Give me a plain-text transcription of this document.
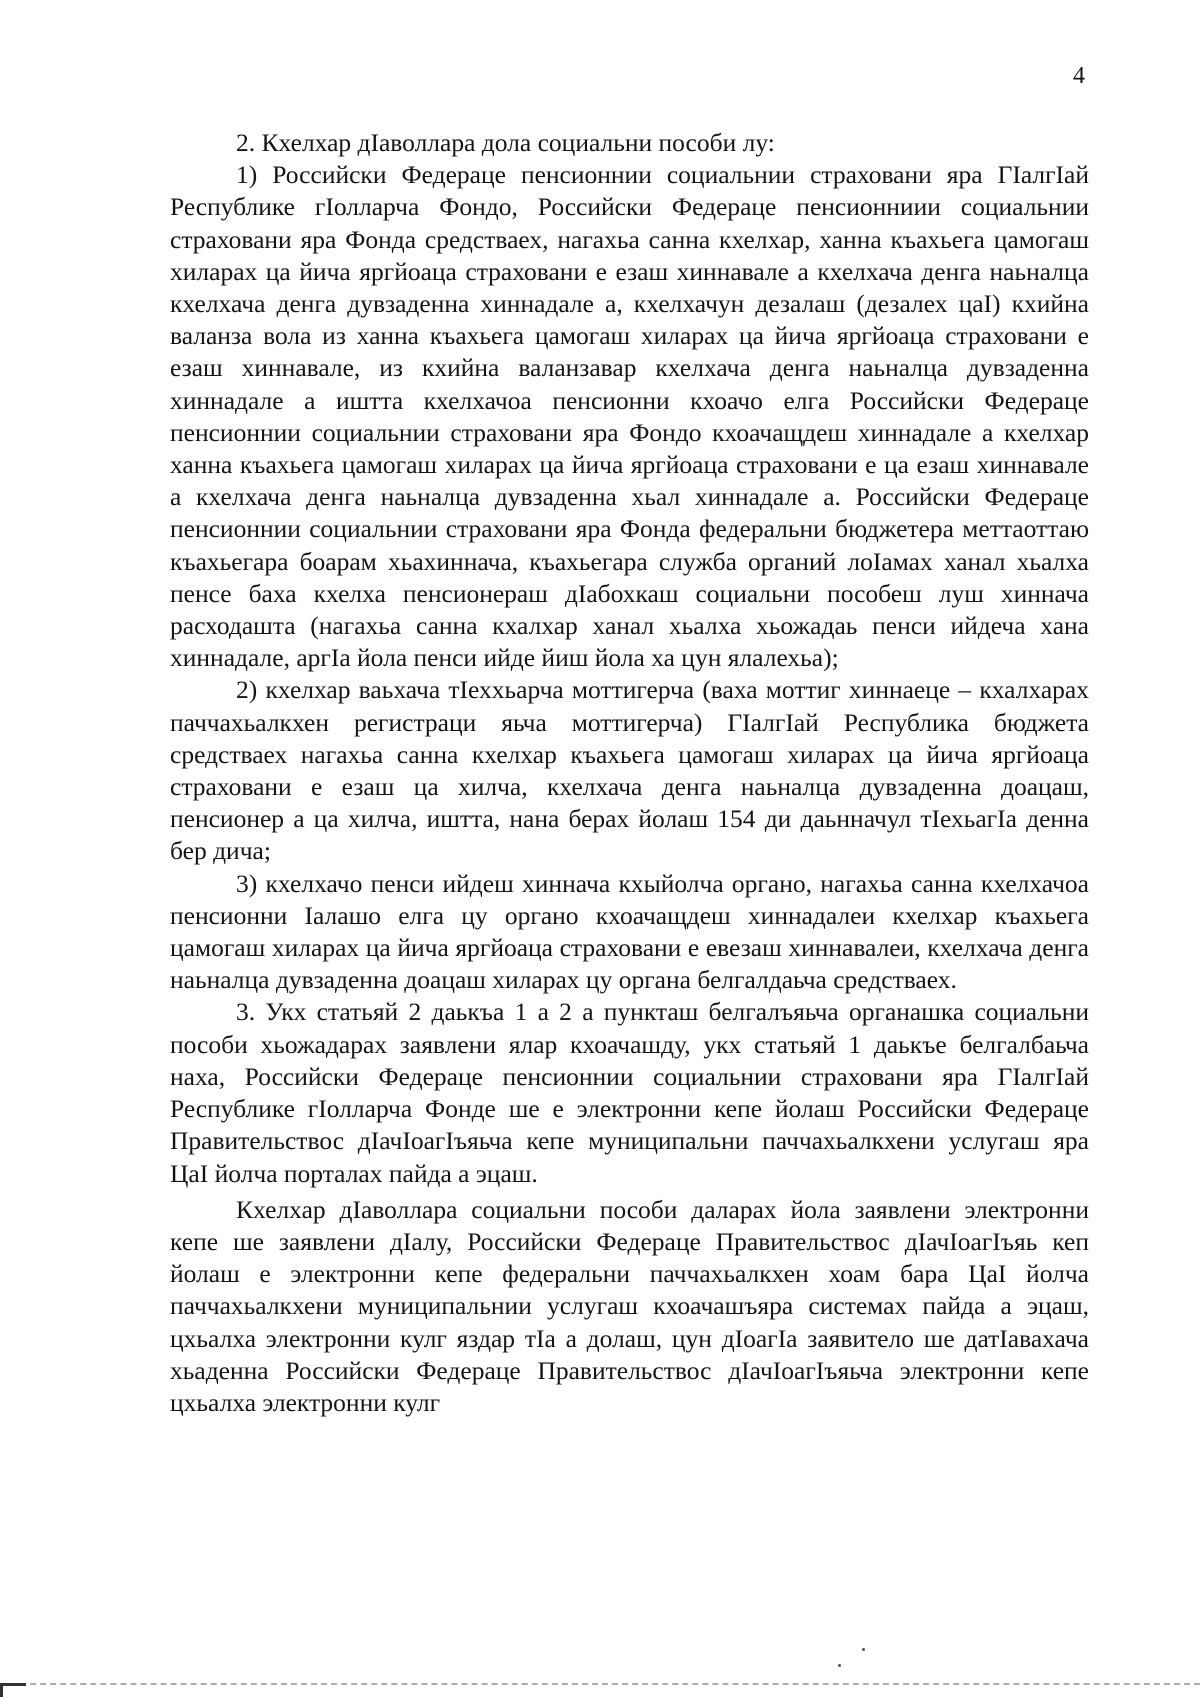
4

2. Кхелхар дIаволлара дола социальни пособи лу:

1) Российски Федераце пенсионнии социальнии страховани яра ГIалгIай Республике гIолларча Фондо, Российски Федераце пенсионниии социальнии страховани яра Фонда средстваех, нагахьа санна кхелхар, ханна къахьега цамогаш хиларах ца йича яргйоаца страховани е езаш хиннавале а кхелхача денга наьналца кхелхача денга дувзаденна хиннадале а, кхелхачун дезалаш (дезалех цаI) кхийна валанза вола из ханна къахьега цамогаш хиларах ца йича яргйоаца страховани е езаш хиннавале, из кхийна валанзавар кхелхача денга наьналца дувзаденна хиннадале а иштта кхелхачоа пенсионни кхоачо елга Российски Федераце пенсионнии социальнии страховани яра Фондо кхоачащдеш хиннадале а кхелхар ханна къахьега цамогаш хиларах ца йича яргйоаца страховани е ца езаш хиннавале а кхелхача денга наьналца дувзаденна хьал хиннадале а. Российски Федераце пенсионнии социальнии страховани яра Фонда федеральни бюджетера меттаоттаю къахьегара боарам хьахиннача, къахьегара служба органий лоIамах ханал хьалха пенсе баха кхелха пенсионераш дIабохкаш социальни пособеш луш хиннача расходашта (нагахьа санна кхалхар ханал хьалха хьожадаь пенси ийдеча хана хиннадале, аргIа йола пенси ийде йиш йола ха цун ялалехьа);

2) кхелхар ваьхача тIеххьарча моттигерча (ваха моттиг хиннаеце – кхалхарах паччахьалкхен регистраци яьча моттигерча) ГIалгIай Республика бюджета средстваех нагахьа санна кхелхар къахьега цамогаш хиларах ца йича яргйоаца страховани е езаш ца хилча, кхелхача денга наьналца дувзаденна доацаш, пенсионер а ца хилча, иштта, нана берах йолаш 154 ди даьнначул тIехьагIа денна бер дича;

3) кхелхачо пенси ийдеш хиннача кхыйолча органо, нагахьа санна кхелхачоа пенсионни Iалашо елга цу органо кхоачащдеш хиннадалеи кхелхар къахьега цамогаш хиларах ца йича яргйоаца страховани е евезаш хиннавалеи, кхелхача денга наьналца дувзаденна доацаш хиларах цу органа белгалдаьча средстваех.

3. Укх статьяй 2 даькъа 1 а 2 а пункташ белгалъяьча органашка социальни пособи хьожадарах заявлени ялар кхоачашду, укх статьяй 1 даькъе белгалбаьча наха, Российски Федераце пенсионнии социальнии страховани яра ГIалгIай Республике гIолларча Фонде ше е электронни кепе йолаш Российски Федераце Правительствос дIачIоагIъяьча кепе муниципальни паччахьалкхени услугаш яра ЦаI йолча порталах пайда а эцаш.

Кхелхар дIаволлара социальни пособи даларах йола заявлени электронни кепе ше заявлени дIалу, Российски Федераце Правительствос дIачIоагIъяь кеп йолаш е электронни кепе федеральни паччахьалкхен хоам бара ЦаI йолча паччахьалкхени муниципальнии услугаш кхоачашъяра системах пайда а эцаш, цхьалха электронни кулг яздар тIа а долаш, цун дIоагIа заявитело ше датIавахача хьаденна Российски Федераце Правительствос дIачIоагIъяьча электронни кепе цхьалха электронни кулг
